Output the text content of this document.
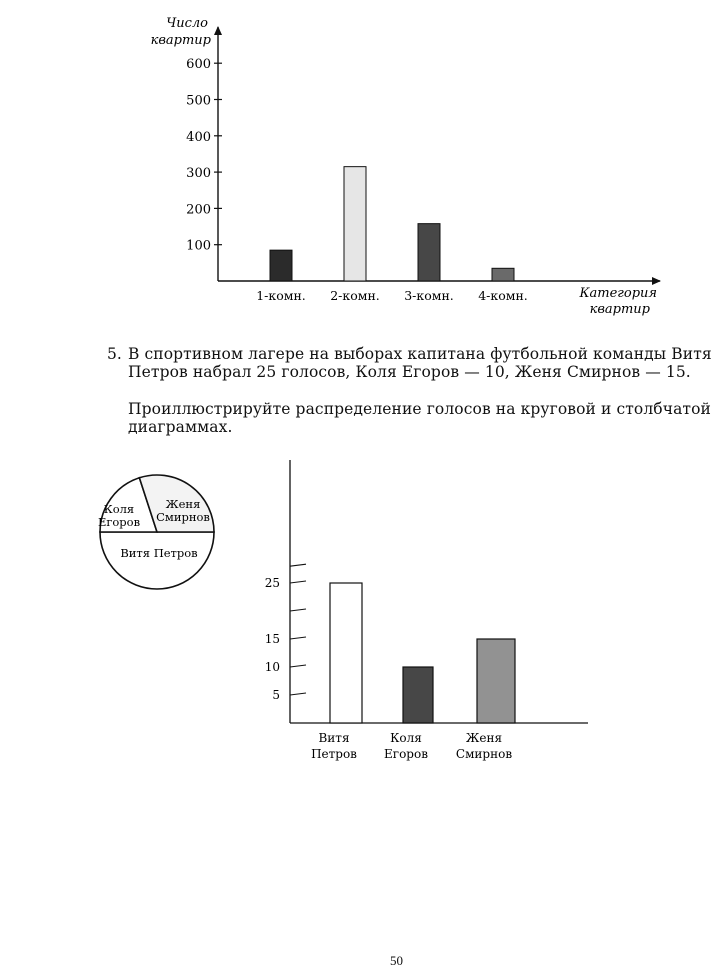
Число
квартир
Категория
квартир
100
200
300
400
500
600
1-комн. 2-комн. 3-комн. 4-комн.
5. В спортивном лагере на выборах капитана футбольной команды Витя
Петров набрал 25 голосов, Коля Егоров — 10, Женя Смирнов — 15.
Проиллюстрируйте распределение голосов на круговой и столбчатой
диаграммах.
Коля
Егоров
Женя
Смирнов
Витя Петров
5
10
15
25
Витя
Петров
Коля
Егоров
Женя
Смирнов
50
